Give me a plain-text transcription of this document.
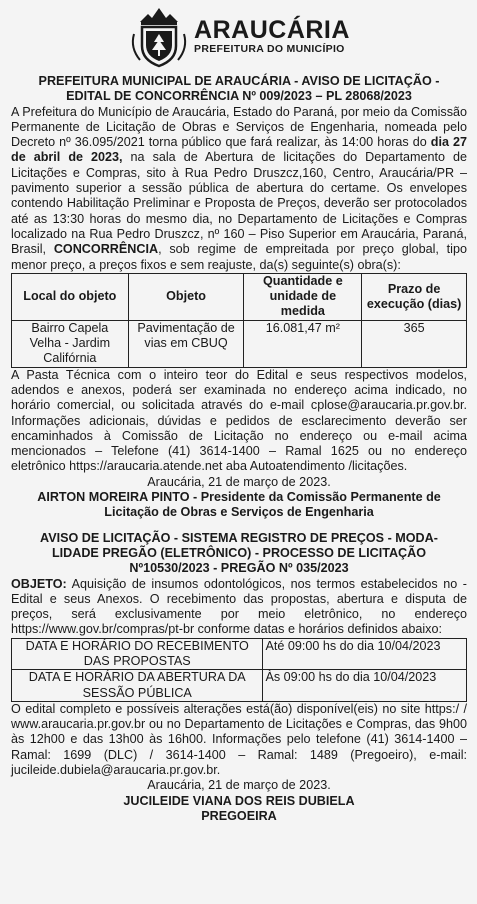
ARAUCÁRIA
PREFEITURA DO MUNICÍPIO

PREFEITURA MUNICIPAL DE ARAUCÁRIA - AVISO DE LICITAÇÃO -

EDITAL DE CONCORRÊNCIA Nº 009/2023 – PL 28068/2023

A Prefeitura do Município de Araucária, Estado do Paraná, por meio da Comissão Permanente de Licitação de Obras e Serviços de Engenharia, nomeada pelo Decreto nº 36.095/2021 torna público que fará realizar, às 14:00 horas do dia 27 de abril de 2023, na sala de Abertura de licitações do Departamento de Licitações e Compras, sito à Rua Pedro Druszcz,160, Centro, Araucária/PR – pavimento superior a sessão pública de abertura do certame. Os envelopes contendo Habilitação Preliminar e Proposta de Preços, deverão ser protocolados até as 13:30 horas do mesmo dia, no Departamento de Licitações e Compras localizado na Rua Pedro Druszcz, nº 160 – Piso Superior em Araucária, Paraná, Brasil, CONCORRÊNCIA, sob regime de empreitada por preço global, tipo menor preço, a preços fixos e sem reajuste, da(s) seguinte(s) obra(s):

Local do objeto	Objeto	Quantidade e unidade de medida	Prazo de execução (dias)
Bairro Capela Velha - Jardim Califórnia	Pavimentação de vias em CBUQ	16.081,47 m²	365

A Pasta Técnica com o inteiro teor do Edital e seus respectivos modelos, adendos e anexos, poderá ser examinada no endereço acima indicado, no horário comercial, ou solicitada através do e-mail cplose@araucaria.pr.gov.br. Informações adicionais, dúvidas e pedidos de esclarecimento deverão ser encaminhados à Comissão de Licitação no endereço ou e-mail acima mencionados – Telefone (41) 3614-1400 – Ramal 1625 ou no endereço eletrônico https://araucaria.atende.net aba Autoatendimento /licitações.

Araucária, 21 de março de 2023.

AIRTON MOREIRA PINTO - Presidente da Comissão Permanente de

Licitação de Obras e Serviços de Engenharia

AVISO DE LICITAÇÃO - SISTEMA REGISTRO DE PREÇOS - MODA-

LIDADE PREGÃO (ELETRÔNICO) - PROCESSO DE LICITAÇÃO

Nº10530/2023 - PREGÃO Nº 035/2023

OBJETO: Aquisição de insumos odontológicos, nos termos estabelecidos no - Edital e seus Anexos. O recebimento das propostas, abertura e disputa de preços, será exclusivamente por meio eletrônico, no endereço https://www.gov.br/compras/pt-br conforme datas e horários definidos abaixo:

DATA E HORÁRIO DO RECEBIMENTO DAS PROPOSTAS	Até 09:00 hs do dia 10/04/2023
DATA E HORÁRIO DA ABERTURA DA SESSÃO PÚBLICA	Às 09:00 hs do dia 10/04/2023

O edital completo e possíveis alterações está(ão) disponível(eis) no site https:/ / www.araucaria.pr.gov.br ou no Departamento de Licitações e Compras, das 9h00 às 12h00 e das 13h00 às 16h00. Informações pelo telefone (41) 3614-1400 – Ramal: 1699 (DLC) / 3614-1400 – Ramal: 1489 (Pregoeiro), e-mail: jucileide.dubiela@araucaria.pr.gov.br.

Araucária, 21 de março de 2023.

JUCILEIDE VIANA DOS REIS DUBIELA

PREGOEIRA
